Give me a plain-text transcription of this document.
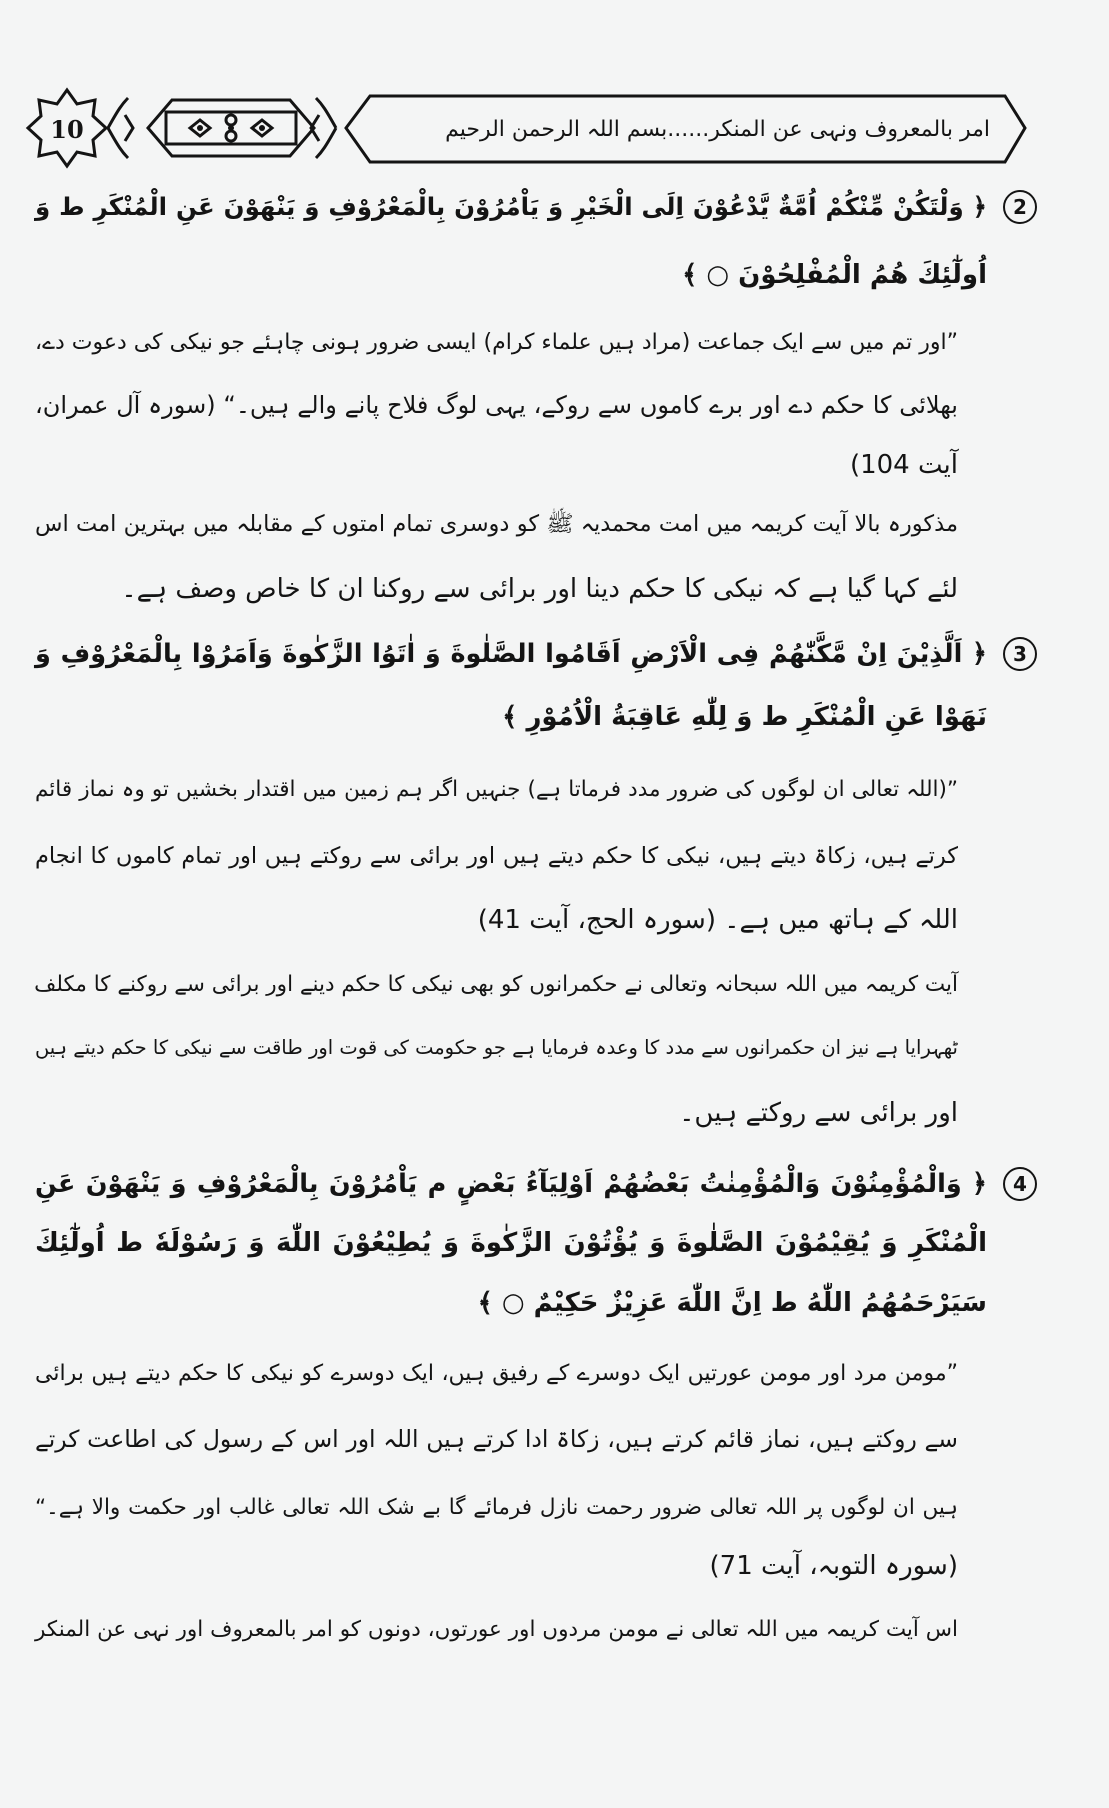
10	امر بالمعروف ونہی عن المنکر......بسم اللہ الرحمن الرحیم
2
﴿ وَلْتَكُنْ مِّنْكُمْ اُمَّةٌ يَّدْعُوْنَ اِلَى الْخَيْرِ وَ يَاْمُرُوْنَ بِالْمَعْرُوْفِ وَ يَنْهَوْنَ عَنِ الْمُنْكَرِ ط وَ
اُولٰٓئِكَ هُمُ الْمُفْلِحُوْنَ ○ ﴾
”اور تم میں سے ایک جماعت (مراد ہیں علماء کرام) ایسی ضرور ہونی چاہئے جو نیکی کی دعوت دے،
بھلائی کا حکم دے اور برے کاموں سے روکے، یہی لوگ فلاح پانے والے ہیں۔“ (سورہ آل عمران،
آیت 104)
مذکورہ بالا آیت کریمہ میں امت محمدیہ ﷺ کو دوسری تمام امتوں کے مقابلہ میں بہترین امت اس
لئے کہا گیا ہے کہ نیکی کا حکم دینا اور برائی سے روکنا ان کا خاص وصف ہے۔
3
﴿ اَلَّذِيْنَ اِنْ مَّكَّنّٰهُمْ فِى الْاَرْضِ اَقَامُوا الصَّلٰوةَ وَ اٰتَوُا الزَّكٰوةَ وَاَمَرُوْا بِالْمَعْرُوْفِ وَ
نَهَوْا عَنِ الْمُنْكَرِ ط وَ لِلّٰهِ عَاقِبَةُ الْاُمُوْرِ ﴾
”(اللہ تعالی ان لوگوں کی ضرور مدد فرماتا ہے) جنہیں اگر ہم زمین میں اقتدار بخشیں تو وہ نماز قائم
کرتے ہیں، زکاۃ دیتے ہیں، نیکی کا حکم دیتے ہیں اور برائی سے روکتے ہیں اور تمام کاموں کا انجام
اللہ کے ہاتھ میں ہے۔ (سورہ الحج، آیت 41)
آیت کریمہ میں اللہ سبحانہ وتعالی نے حکمرانوں کو بھی نیکی کا حکم دینے اور برائی سے روکنے کا مکلف
ٹھہرایا ہے نیز ان حکمرانوں سے مدد کا وعدہ فرمایا ہے جو حکومت کی قوت اور طاقت سے نیکی کا حکم دیتے ہیں
اور برائی سے روکتے ہیں۔
4
﴿ وَالْمُؤْمِنُوْنَ وَالْمُؤْمِنٰتُ بَعْضُهُمْ اَوْلِيَآءُ بَعْضٍ م يَاْمُرُوْنَ بِالْمَعْرُوْفِ وَ يَنْهَوْنَ عَنِ
الْمُنْكَرِ وَ يُقِيْمُوْنَ الصَّلٰوةَ وَ يُؤْتُوْنَ الزَّكٰوةَ وَ يُطِيْعُوْنَ اللّٰهَ وَ رَسُوْلَهٗ ط اُولٰٓئِكَ
سَيَرْحَمُهُمُ اللّٰهُ ط اِنَّ اللّٰهَ عَزِيْزٌ حَكِيْمٌ ○ ﴾
”مومن مرد اور مومن عورتیں ایک دوسرے کے رفیق ہیں، ایک دوسرے کو نیکی کا حکم دیتے ہیں برائی
سے روکتے ہیں، نماز قائم کرتے ہیں، زکاۃ ادا کرتے ہیں اللہ اور اس کے رسول کی اطاعت کرتے
ہیں ان لوگوں پر اللہ تعالی ضرور رحمت نازل فرمائے گا بے شک اللہ تعالی غالب اور حکمت والا ہے۔“
(سورہ التوبہ، آیت 71)
اس آیت کریمہ میں اللہ تعالی نے مومن مردوں اور عورتوں، دونوں کو امر بالمعروف اور نہی عن المنکر
